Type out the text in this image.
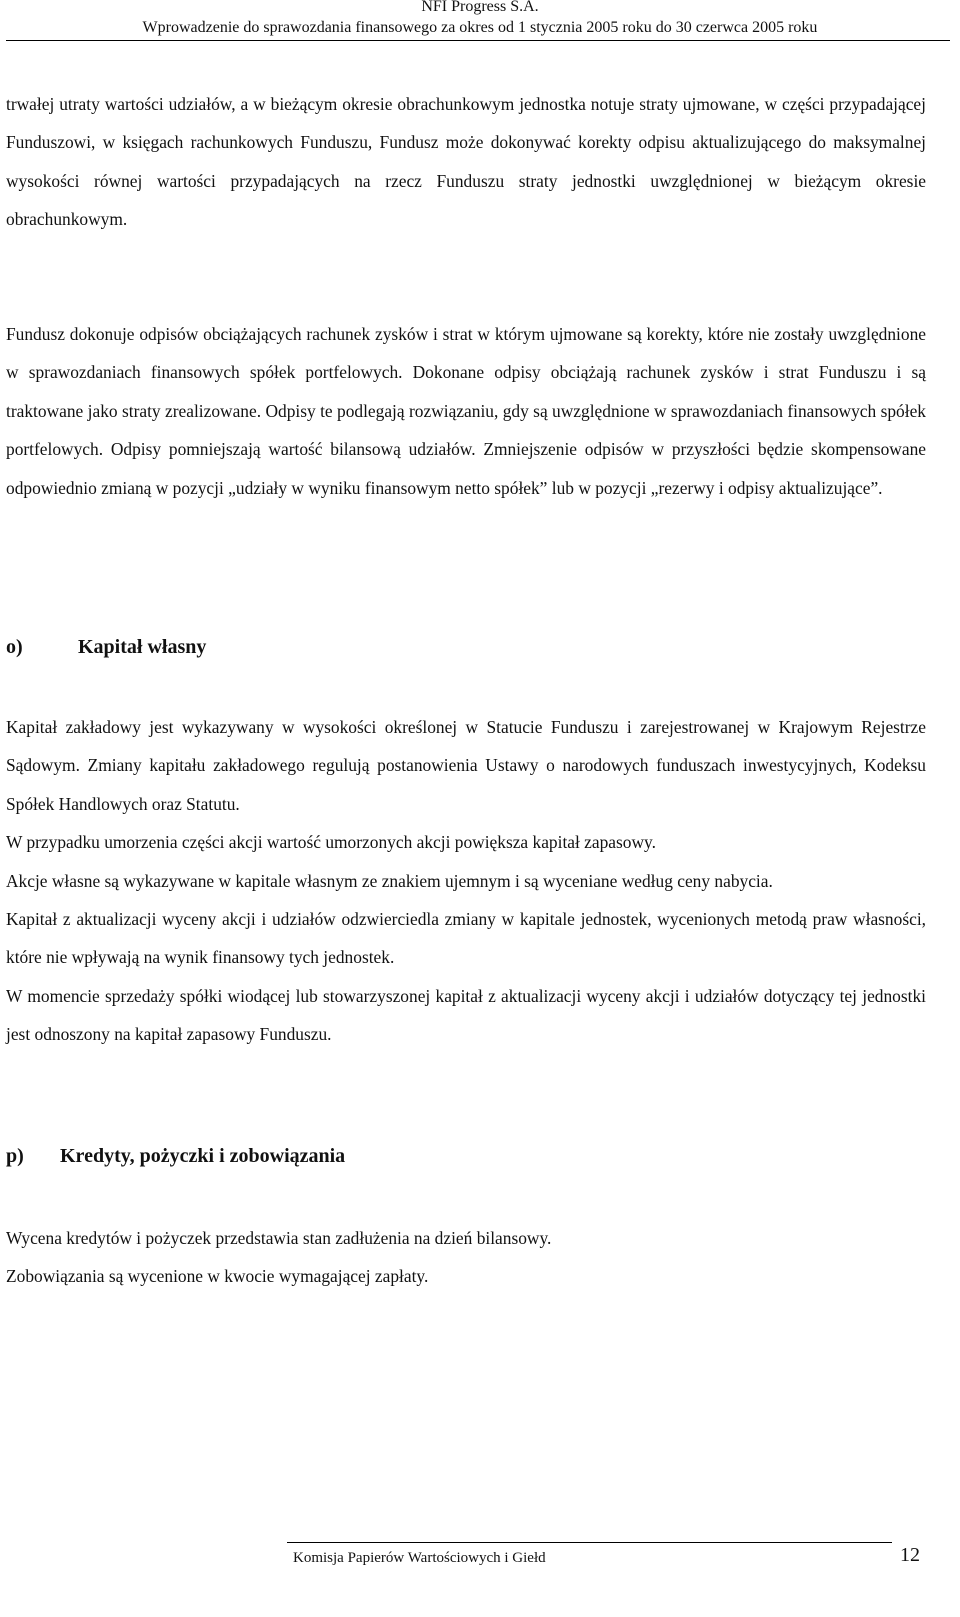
NFI Progress S.A.
Wprowadzenie do sprawozdania finansowego za okres od 1 stycznia 2005 roku do 30 czerwca 2005 roku

trwałej utraty wartości udziałów, a w bieżącym okresie obrachunkowym jednostka notuje straty ujmowane, w części przypadającej Funduszowi, w księgach rachunkowych Funduszu, Fundusz może dokonywać korekty odpisu aktualizującego do maksymalnej wysokości równej wartości przypadających na rzecz Funduszu straty jednostki uwzględnionej w bieżącym okresie obrachunkowym.

Fundusz dokonuje odpisów obciążających rachunek zysków i strat w którym ujmowane są korekty, które nie zostały uwzględnione w sprawozdaniach finansowych spółek portfelowych. Dokonane odpisy obciążają rachunek zysków i strat Funduszu i są traktowane jako straty zrealizowane. Odpisy te podlegają rozwiązaniu, gdy są uwzględnione w sprawozdaniach finansowych spółek portfelowych. Odpisy pomniejszają wartość bilansową udziałów. Zmniejszenie odpisów w przyszłości będzie skompensowane odpowiednio zmianą w pozycji „udziały w wyniku finansowym netto spółek” lub w pozycji „rezerwy i odpisy aktualizujące”.

o)	Kapitał własny
Kapitał zakładowy jest wykazywany w wysokości określonej w Statucie Funduszu i zarejestrowanej w Krajowym Rejestrze Sądowym. Zmiany kapitału zakładowego regulują postanowienia Ustawy o narodowych funduszach inwestycyjnych, Kodeksu Spółek Handlowych oraz Statutu.
W przypadku umorzenia części akcji wartość umorzonych akcji powiększa kapitał zapasowy.
Akcje własne są wykazywane w kapitale własnym ze znakiem ujemnym i są wyceniane według ceny nabycia.
Kapitał z aktualizacji wyceny akcji i udziałów odzwierciedla zmiany w kapitale jednostek, wycenionych metodą praw własności, które nie wpływają na wynik finansowy tych jednostek.
W momencie sprzedaży spółki wiodącej lub stowarzyszonej kapitał z aktualizacji wyceny akcji i udziałów dotyczący tej jednostki jest odnoszony na kapitał zapasowy Funduszu.
p) Kredyty, pożyczki i zobowiązania
Wycena kredytów i pożyczek przedstawia stan zadłużenia na dzień bilansowy.
Zobowiązania są wycenione w kwocie wymagającej zapłaty.
Komisja Papierów Wartościowych i Giełd	12
